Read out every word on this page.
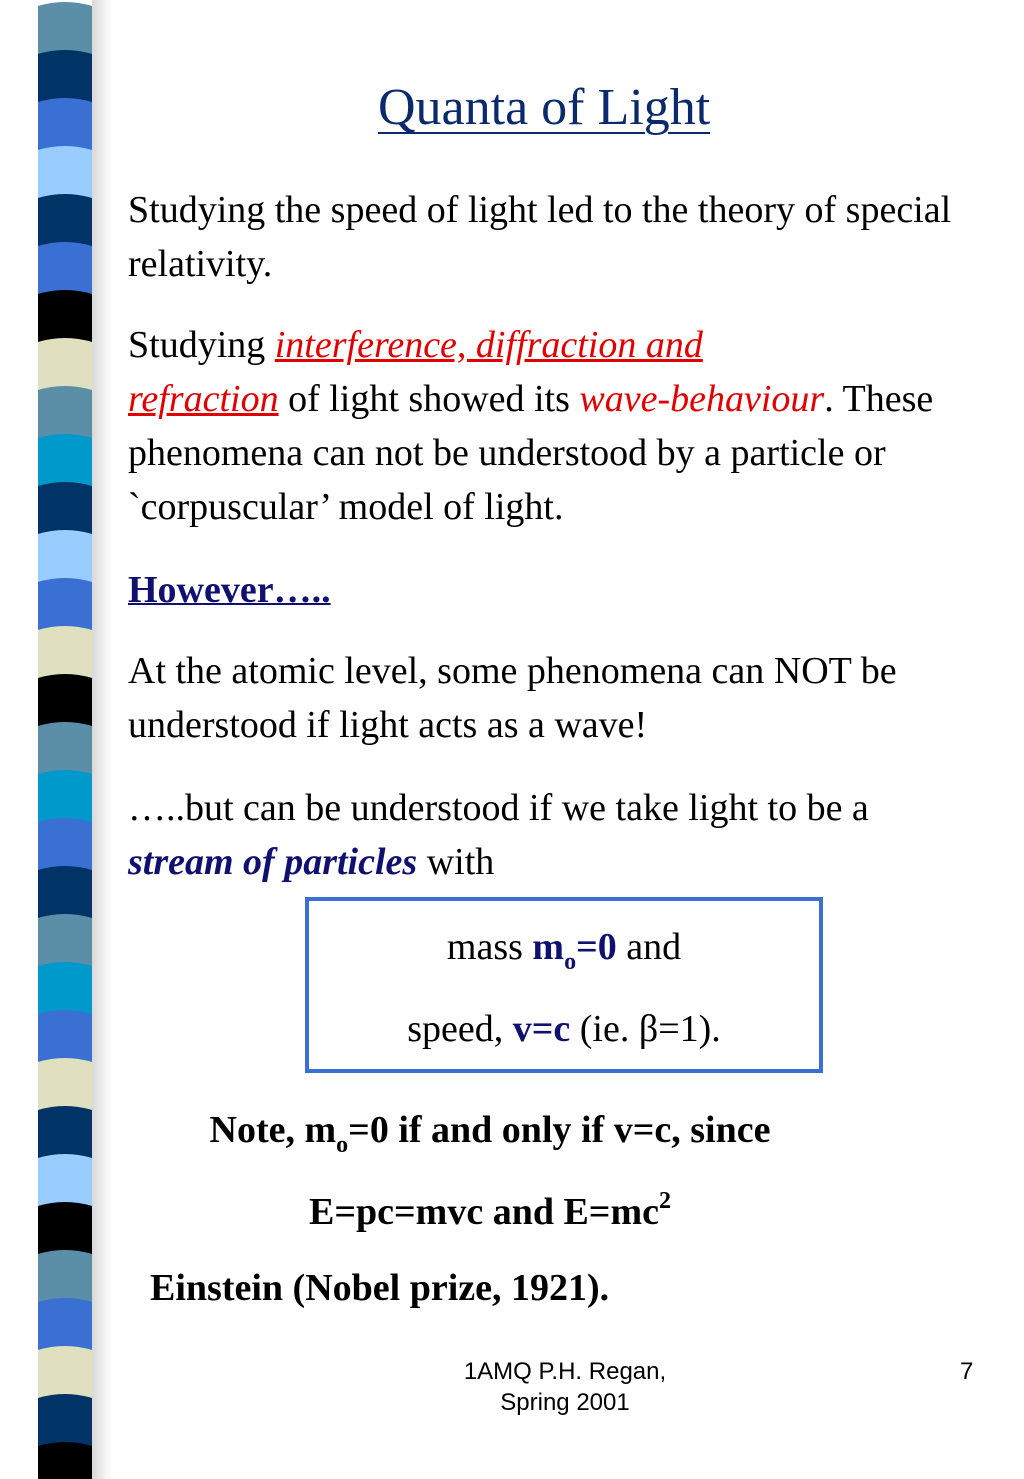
Quanta of Light

Studying the speed of light led to the theory of special relativity.

Studying interference, diffraction and
refraction of light showed its wave-behaviour. These phenomena can not be understood by a particle or `corpuscular’ model of light.

However…..

At the atomic level, some phenomena can NOT be understood if light acts as a wave!

…..but can be understood if we take light to be a stream of particles with

mass $m_o=0$ and
speed, v=c (ie. β=1).

Note, $m_o=0$ if and only if v=c, since
E=pc=mvc and $E=mc^2$

Einstein (Nobel prize, 1921).

1AMQ P.H. Regan,
Spring 2001
7
